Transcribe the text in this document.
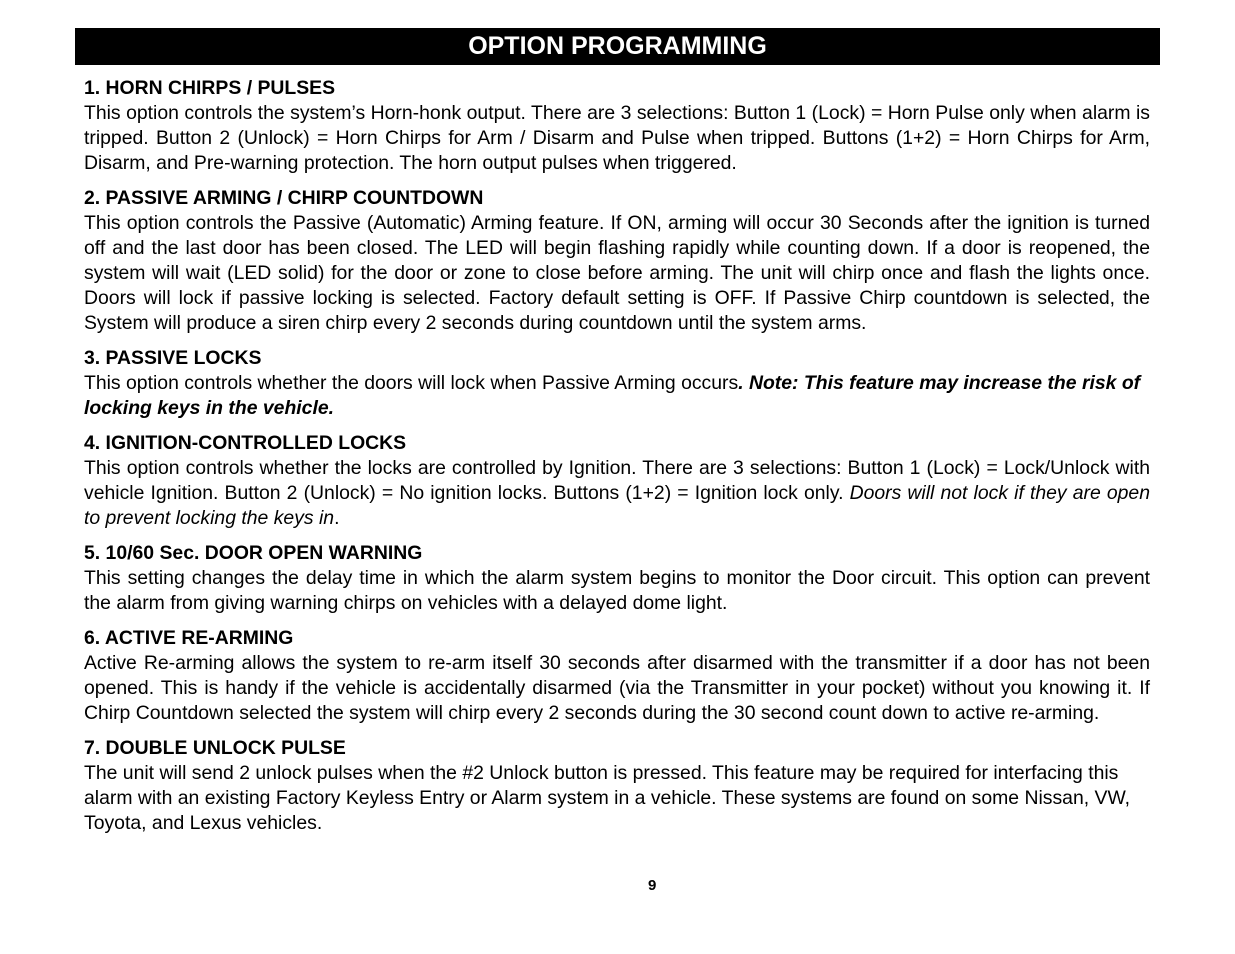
OPTION PROGRAMMING

1. HORN CHIRPS / PULSES

This option controls the system’s Horn-honk output. There are 3 selections: Button 1 (Lock) = Horn Pulse only when alarm is tripped. Button 2 (Unlock) = Horn Chirps for Arm / Disarm and Pulse when tripped. Buttons (1+2) = Horn Chirps for Arm, Disarm, and Pre-warning protection. The horn output pulses when triggered.

2. PASSIVE ARMING / CHIRP COUNTDOWN

This option controls the Passive (Automatic) Arming feature. If ON, arming will occur 30 Seconds after the ignition is turned off and the last door has been closed. The LED will begin flashing rapidly while counting down. If a door is reopened, the system will wait (LED solid) for the door or zone to close before arming. The unit will chirp once and flash the lights once. Doors will lock if passive locking is selected. Factory default setting is OFF. If Passive Chirp countdown is selected, the System will produce a siren chirp every 2 seconds during countdown until the system arms.

3. PASSIVE LOCKS

This option controls whether the doors will lock when Passive Arming occurs. Note: This feature may increase the risk of locking keys in the vehicle.

4. IGNITION-CONTROLLED LOCKS

This option controls whether the locks are controlled by Ignition. There are 3 selections: Button 1 (Lock) = Lock/Unlock with vehicle Ignition. Button 2 (Unlock) = No ignition locks. Buttons (1+2) = Ignition lock only. Doors will not lock if they are open to prevent locking the keys in.

5. 10/60 Sec. DOOR OPEN WARNING

This setting changes the delay time in which the alarm system begins to monitor the Door circuit. This option can prevent the alarm from giving warning chirps on vehicles with a delayed dome light.

6. ACTIVE RE-ARMING

Active Re-arming allows the system to re-arm itself 30 seconds after disarmed with the transmitter if a door has not been opened. This is handy if the vehicle is accidentally disarmed (via the Transmitter in your pocket) without you knowing it. If Chirp Countdown selected the system will chirp every 2 seconds during the 30 second count down to active re-arming.

7. DOUBLE UNLOCK PULSE

The unit will send 2 unlock pulses when the #2 Unlock button is pressed. This feature may be required for interfacing this alarm with an existing Factory Keyless Entry or Alarm system in a vehicle. These systems are found on some Nissan, VW, Toyota, and Lexus vehicles.

9
